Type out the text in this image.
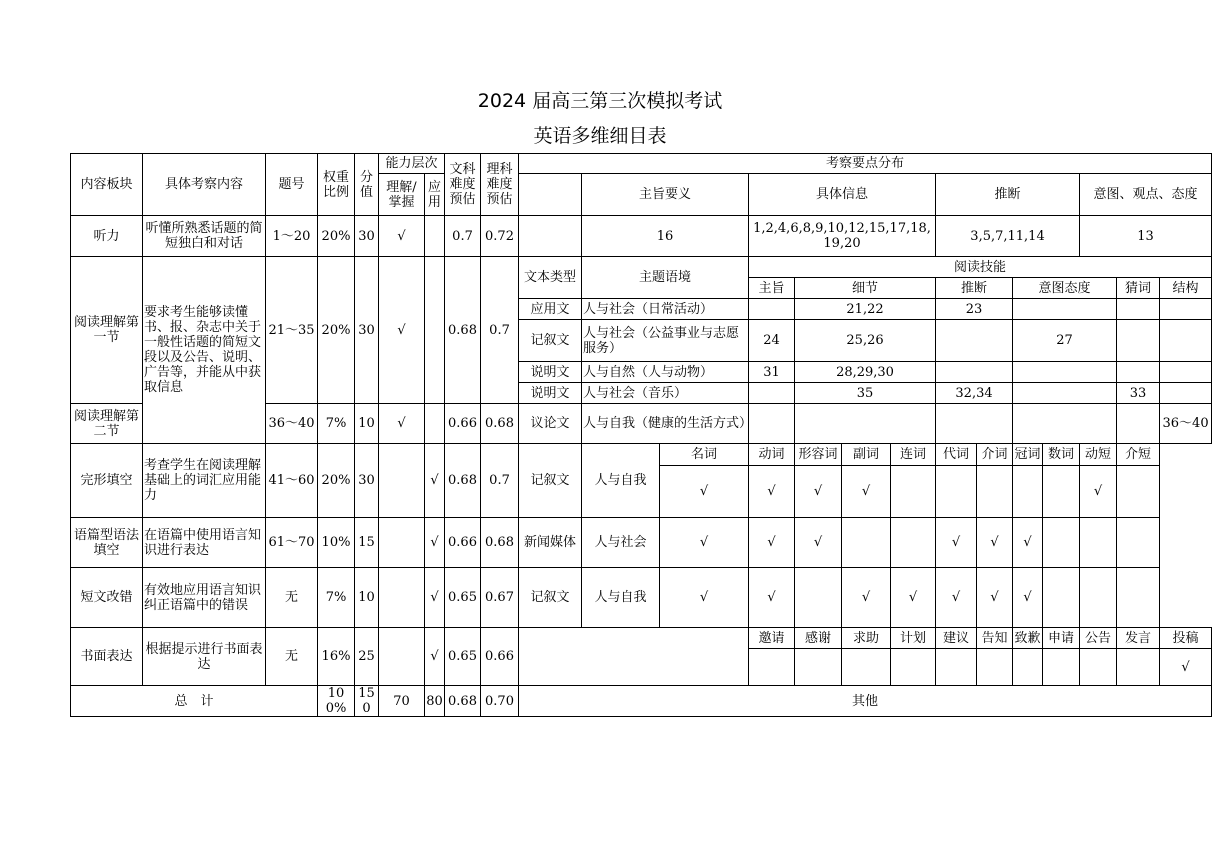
2024 届高三第三次模拟考试
英语多维细目表
内容板块	具体考察内容	题号	权重比例	分值	能力层次		文科难度预估	理科难度预估	考察要点分布													
					理解/掌握	应用				主旨要义		具体信息				推断				意图、观点、态度		

听力	听懂所熟悉话题的简短独白和对话	1～20	20%	30	√		0.7	0.72		16		1,2,4,6,8,9,10,12,15,17,18,19,20				3,5,7,11,14				13		
阅读理解第一节	要求考生能够读懂书、报、杂志中关于一般性话题的简短文段以及公告、说明、广告等，并能从中获取信息	21～35	20%	30	√		0.68	0.7	文本类型	主题语境		阅读技能										
												主旨	细节			推断		意图态度			猜词	结构
									应用文	人与社会（日常活动）			21,22			23						
									记叙文	人与社会（公益事业与志愿服务）		24	25,26					27				
									说明文	人与自然（人与动物）		31	28,29,30									
									说明文	人与社会（音乐）			35			32,34					33	

阅读理解第二节		36～40	7%	10	√		0.66	0.68	议论文	人与自我（健康的生活方式）												36～40

完形填空	考查学生在阅读理解基础上的词汇应用能力	41～60	20%	30		√	0.68	0.7	记叙文	人与自我	名词	动词	形容词	副词	连词	代词	介词	冠词	数词	动短	介短	
											√	√	√	√						√		
语篇型语法填空	在语篇中使用语言知识进行表达	61～70	10%	15		√	0.66	0.68	新闻媒体	人与社会	√	√	√			√	√	√				
短文改错	有效地应用语言知识纠正语篇中的错误	无	7%	10		√	0.65	0.67	记叙文	人与自我	√	√		√	√	√	√	√				
书面表达	根据提示进行书面表达	无	16%	25		√	0.65	0.66				邀请	感谢	求助	计划	建议	告知	致歉	申请	公告	发言	投稿
																						√
总　计			100%	150	70	80	0.68	0.70	其他													
